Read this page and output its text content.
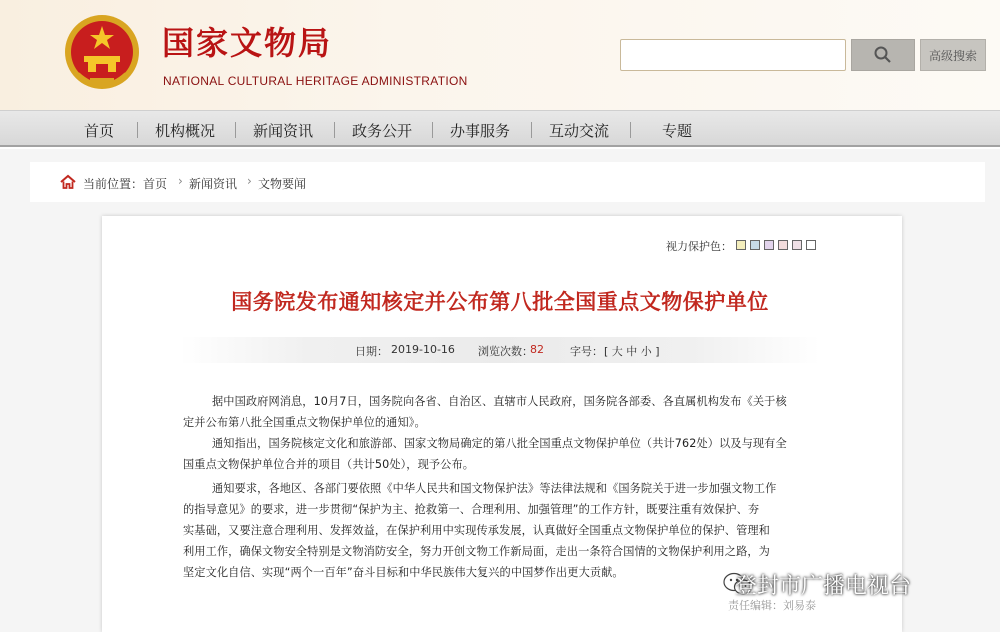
国家文物局
NATIONAL CULTURAL HERITAGE ADMINISTRATION
高级搜索
首页	机构概况	新闻资讯	政务公开	办事服务	互动交流	专题
当前位置： 首页 › 新闻资讯 › 文物要闻
视力保护色：
国务院发布通知核定并公布第八批全国重点文物保护单位
日期： 2019-10-16 浏览次数：
82 字号： [ 大 中 小 ]
据中国政府网消息，10月7日，国务院向各省、自治区、直辖市人民政府，国务院各部委、各直属机构发布《关于核
定并公布第八批全国重点文物保护单位的通知》。
通知指出，国务院核定文化和旅游部、国家文物局确定的第八批全国重点文物保护单位（共计762处）以及与现有全
国重点文物保护单位合并的项目（共计50处），现予公布。
通知要求，各地区、各部门要依照《中华人民共和国文物保护法》等法律法规和《国务院关于进一步加强文物工作
的指导意见》的要求，进一步贯彻“保护为主、抢救第一、合理利用、加强管理”的工作方针，既要注重有效保护、夯
实基础，又要注意合理利用、发挥效益，在保护利用中实现传承发展，认真做好全国重点文物保护单位的保护、管理和
利用工作，确保文物安全特别是文物消防安全，努力开创文物工作新局面，走出一条符合国情的文物保护利用之路，为
坚定文化自信、实现“两个一百年”奋斗目标和中华民族伟大复兴的中国梦作出更大贡献。
登封市广播电视台
责任编辑：刘易泰
